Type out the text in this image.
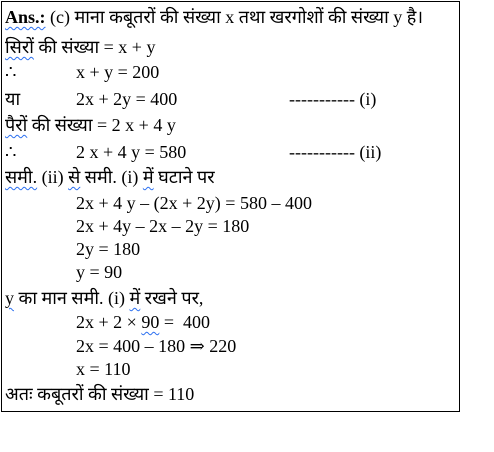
Ans.: (c) माना कबूतरों की संख्या x तथा खरगोशों की संख्या y है।
सिरों की संख्या = x + y
∴	x + y = 200
या	2x + 2y = 400	----------- (i)
पैरों की संख्या = 2 x + 4 y
∴	2 x + 4 y = 580	----------- (ii)
समी. (ii) से समी. (i) में घटाने पर
2x + 4 y – (2x + 2y) = 580 – 400
2x + 4y – 2x – 2y = 180
2y = 180
y = 90
y का मान समी. (i) में रखने पर,
2x + 2 × 90 =  400
2x = 400 – 180 ⇒ 220
x = 110
अतः कबूतरों की संख्या = 110
